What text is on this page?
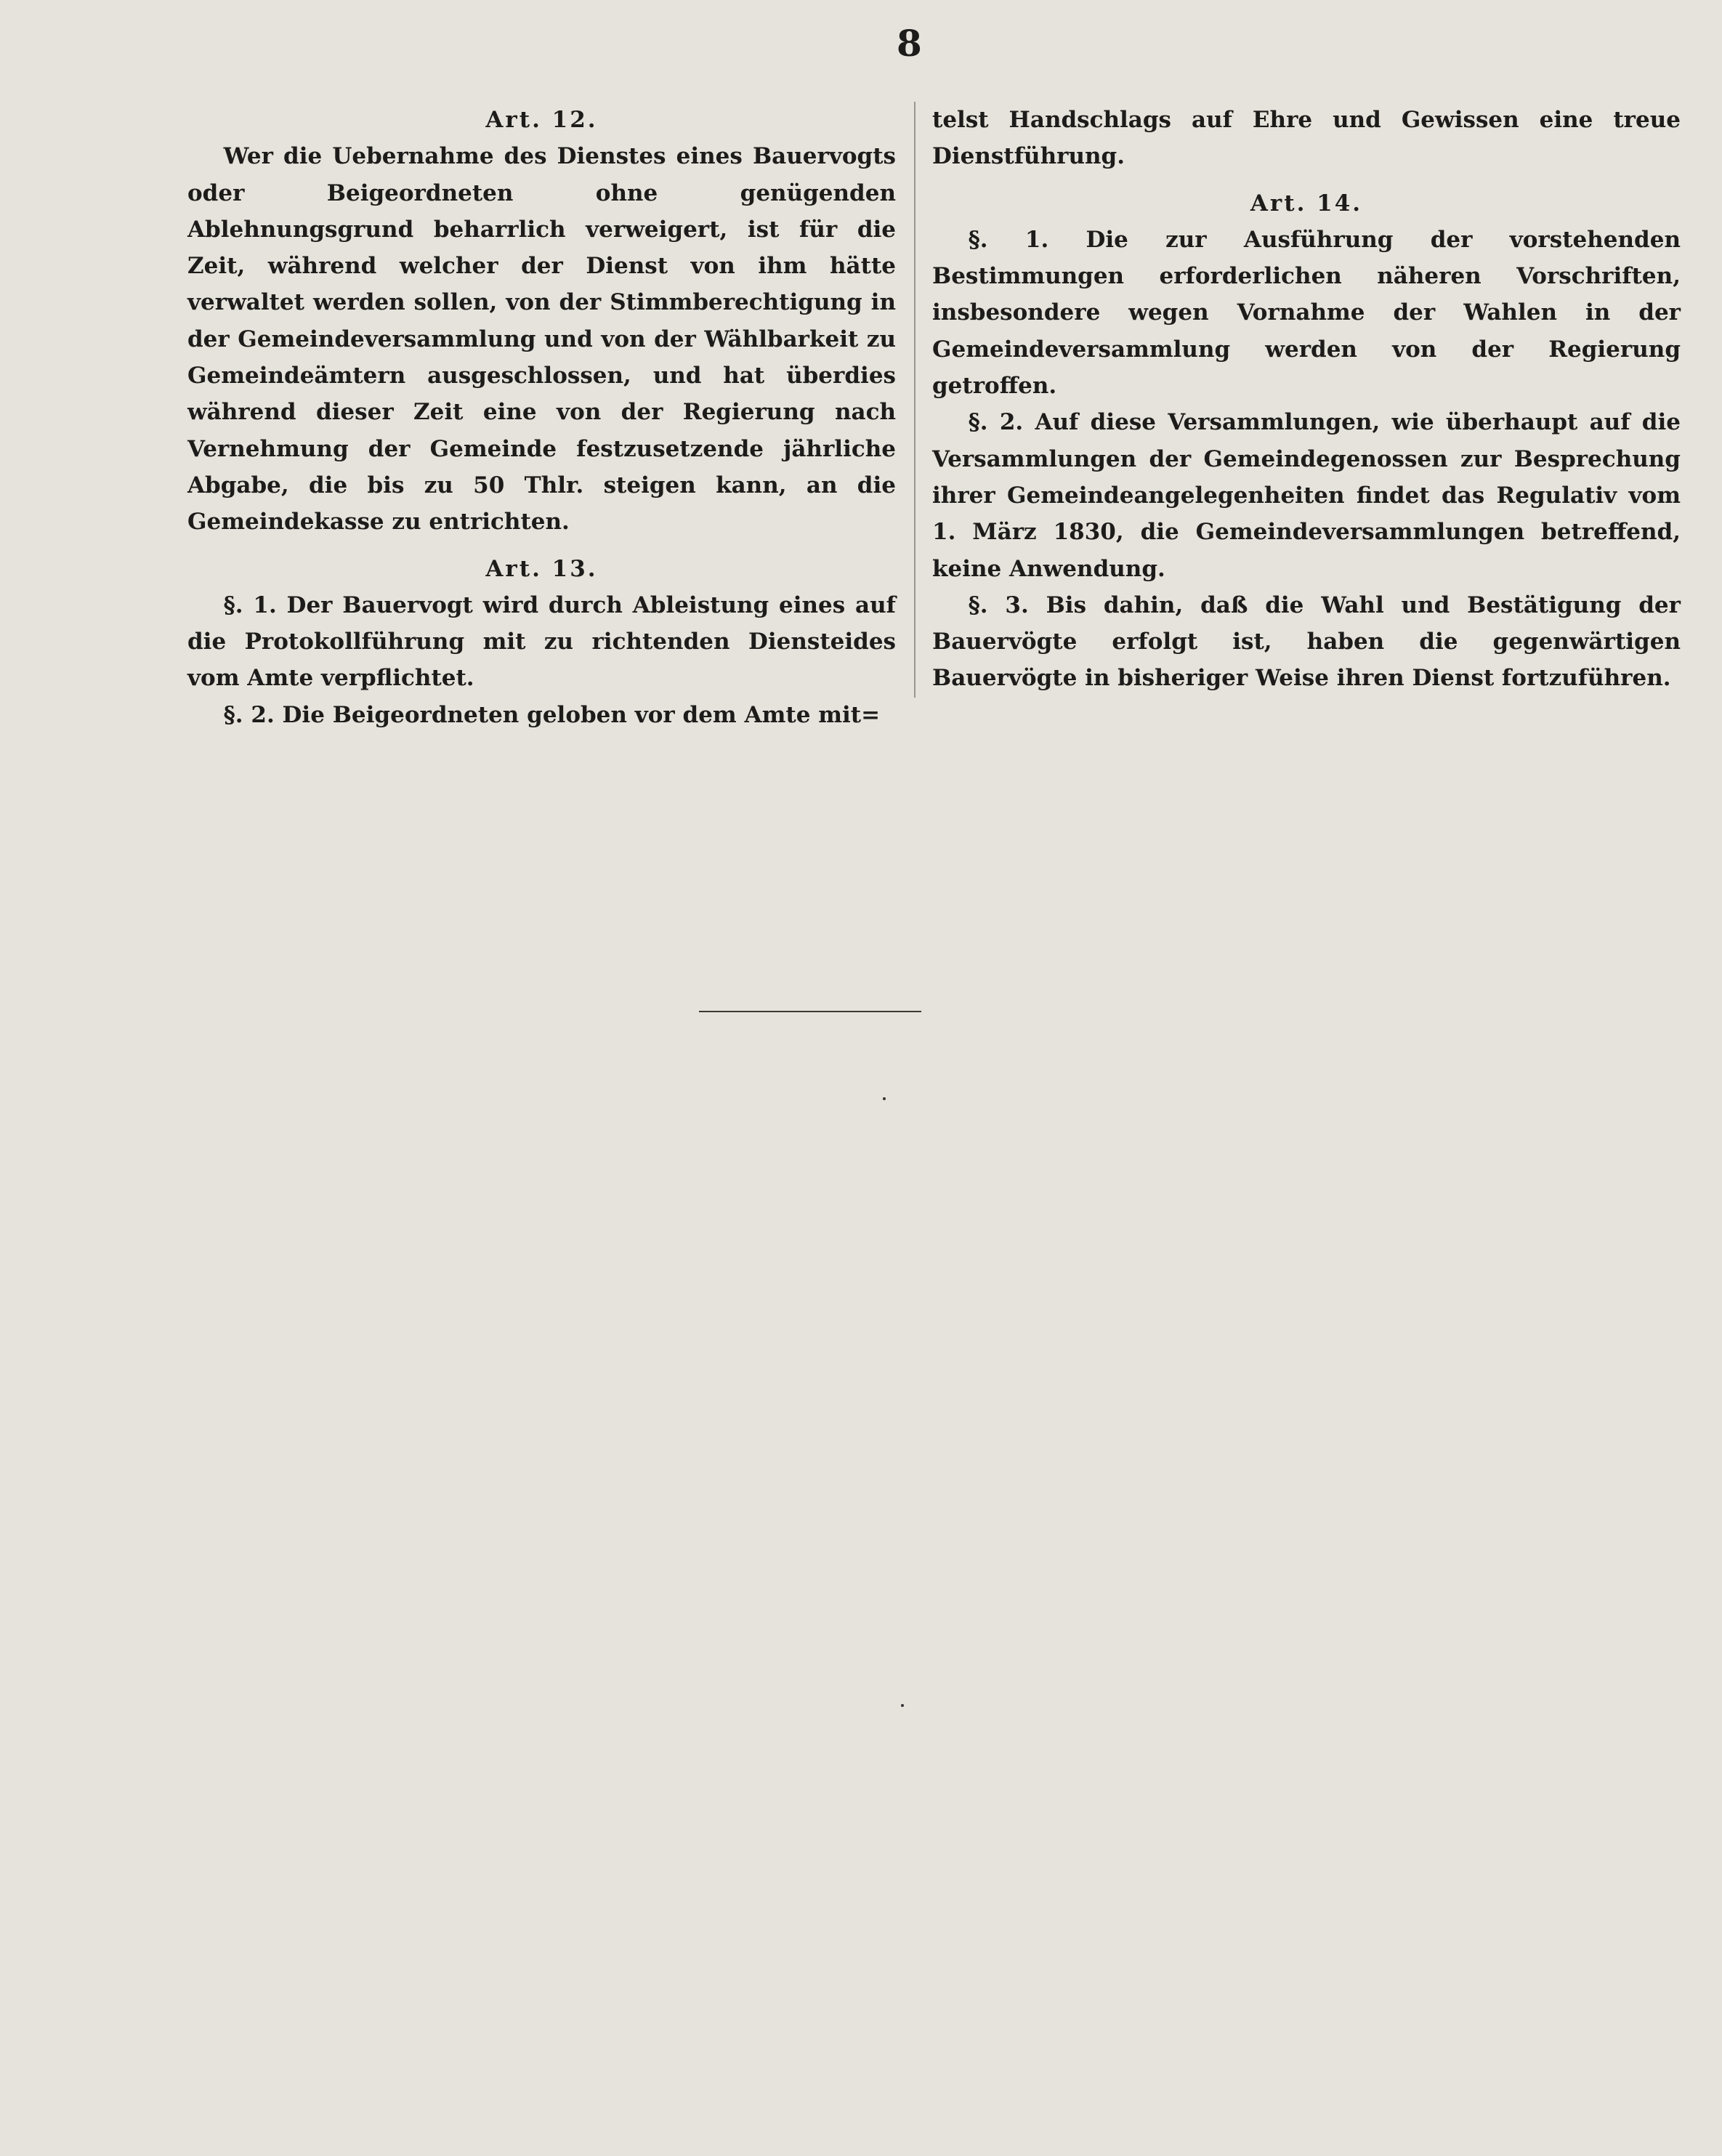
8

Art. 12.

Wer die Uebernahme des Dienstes eines Bauervogts oder Beigeordneten ohne genügenden Ablehnungsgrund beharrlich verweigert, ist für die Zeit, während welcher der Dienst von ihm hätte verwaltet werden sollen, von der Stimmberechtigung in der Gemeindeversammlung und von der Wählbarkeit zu Gemeindeämtern ausgeschlossen, und hat überdies während dieser Zeit eine von der Regierung nach Vernehmung der Gemeinde festzusetzende jährliche Abgabe, die bis zu 50 Thlr. steigen kann, an die Gemeindekasse zu entrichten.

Art. 13.

§. 1. Der Bauervogt wird durch Ableistung eines auf die Protokollführung mit zu richtenden Diensteides vom Amte verpflichtet.

§. 2. Die Beigeordneten geloben vor dem Amte mit=

telst Handschlags auf Ehre und Gewissen eine treue Dienstführung.

Art. 14.

§. 1. Die zur Ausführung der vorstehenden Bestimmungen erforderlichen näheren Vorschriften, insbesondere wegen Vornahme der Wahlen in der Gemeindeversammlung werden von der Regierung getroffen.

§. 2. Auf diese Versammlungen, wie überhaupt auf die Versammlungen der Gemeindegenossen zur Besprechung ihrer Gemeindeangelegenheiten findet das Regulativ vom 1. März 1830, die Gemeindeversammlungen betreffend, keine Anwendung.

§. 3. Bis dahin, daß die Wahl und Bestätigung der Bauervögte erfolgt ist, haben die gegenwärtigen Bauervögte in bisheriger Weise ihren Dienst fortzuführen.
